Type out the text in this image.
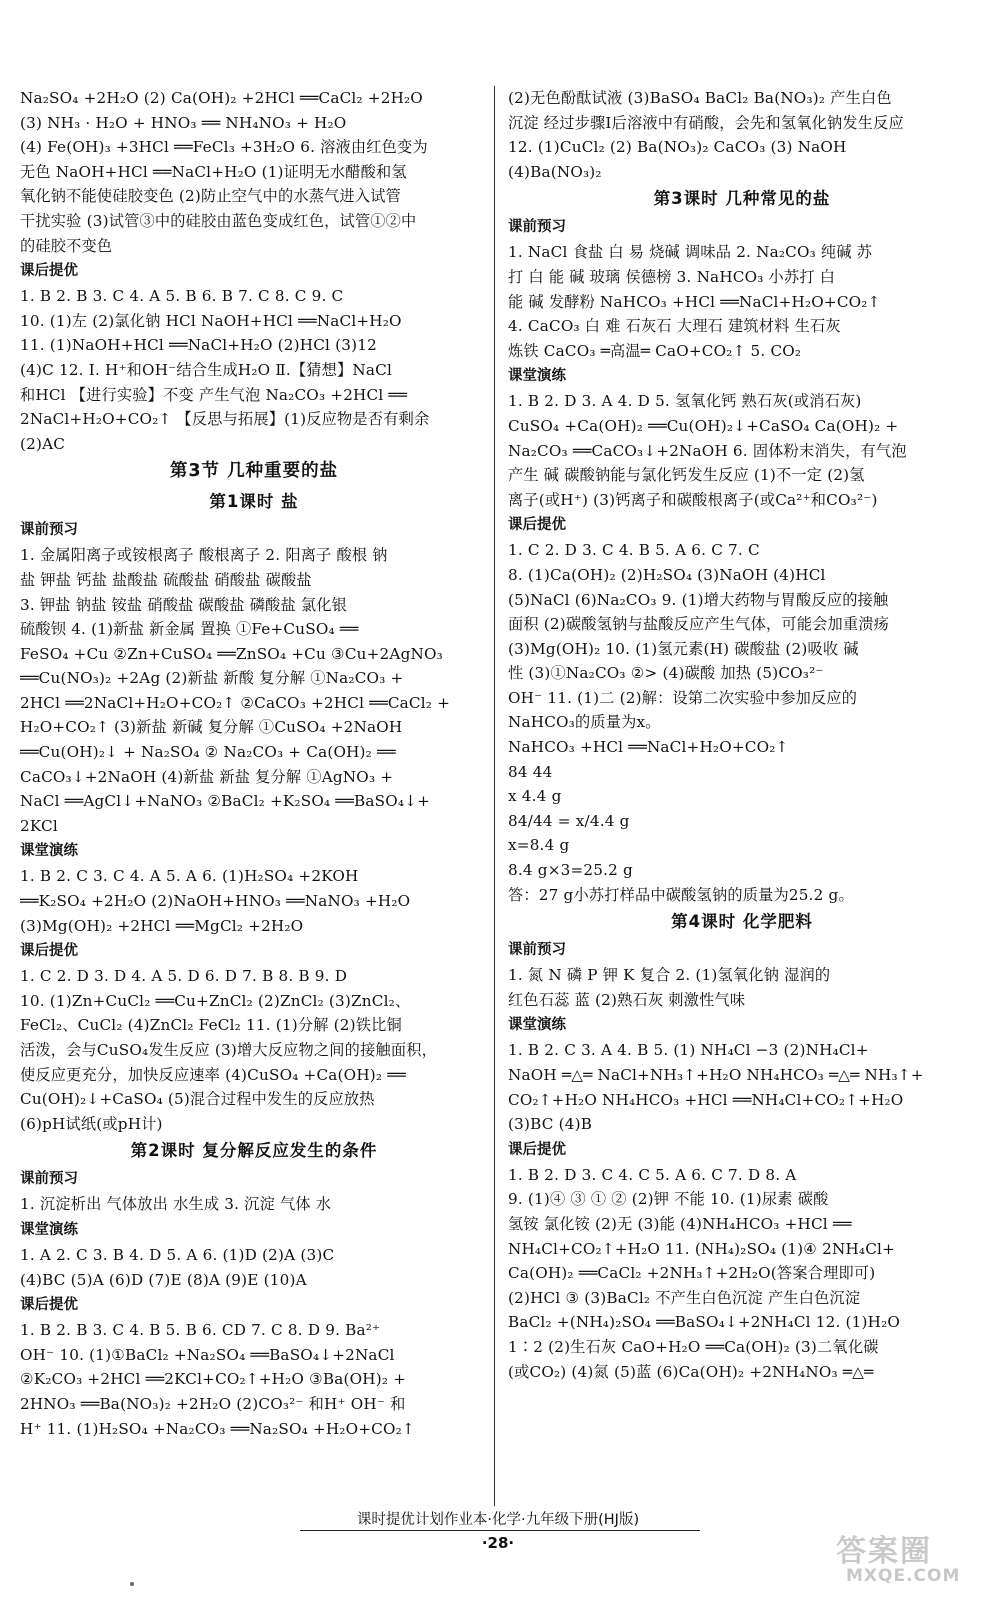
Na₂SO₄ +2H₂O (2) Ca(OH)₂ +2HCl ══CaCl₂ +2H₂O
(3) NH₃ · H₂O + HNO₃ ══ NH₄NO₃ + H₂O
(4) Fe(OH)₃ +3HCl ══FeCl₃ +3H₂O 6. 溶液由红色变为
无色 NaOH+HCl ══NaCl+H₂O (1)证明无水醋酸和氢
氧化钠不能使硅胶变色 (2)防止空气中的水蒸气进入试管
干扰实验 (3)试管③中的硅胶由蓝色变成红色，试管①②中
的硅胶不变色
课后提优
1. B 2. B 3. C 4. A 5. B 6. B 7. C 8. C 9. C
10. (1)左 (2)氯化钠 HCl NaOH+HCl ══NaCl+H₂O
11. (1)NaOH+HCl ══NaCl+H₂O (2)HCl (3)12
(4)C 12. Ⅰ. H⁺和OH⁻结合生成H₂O Ⅱ.【猜想】NaCl
和HCl 【进行实验】不变 产生气泡 Na₂CO₃ +2HCl ══
2NaCl+H₂O+CO₂↑ 【反思与拓展】(1)反应物是否有剩余
(2)AC
第3节 几种重要的盐
第1课时 盐
课前预习
1. 金属阳离子或铵根离子 酸根离子 2. 阳离子 酸根 钠
盐 钾盐 钙盐 盐酸盐 硫酸盐 硝酸盐 碳酸盐
3. 钾盐 钠盐 铵盐 硝酸盐 碳酸盐 磷酸盐 氯化银
硫酸钡 4. (1)新盐 新金属 置换 ①Fe+CuSO₄ ══
FeSO₄ +Cu ②Zn+CuSO₄ ══ZnSO₄ +Cu ③Cu+2AgNO₃
══Cu(NO₃)₂ +2Ag (2)新盐 新酸 复分解 ①Na₂CO₃ +
2HCl ══2NaCl+H₂O+CO₂↑ ②CaCO₃ +2HCl ══CaCl₂ +
H₂O+CO₂↑ (3)新盐 新碱 复分解 ①CuSO₄ +2NaOH
══Cu(OH)₂↓ + Na₂SO₄ ② Na₂CO₃ + Ca(OH)₂ ══
CaCO₃↓+2NaOH (4)新盐 新盐 复分解 ①AgNO₃ +
NaCl ══AgCl↓+NaNO₃ ②BaCl₂ +K₂SO₄ ══BaSO₄↓+
2KCl
课堂演练
1. B 2. C 3. C 4. A 5. A 6. (1)H₂SO₄ +2KOH
══K₂SO₄ +2H₂O (2)NaOH+HNO₃ ══NaNO₃ +H₂O
(3)Mg(OH)₂ +2HCl ══MgCl₂ +2H₂O
课后提优
1. C 2. D 3. D 4. A 5. D 6. D 7. B 8. B 9. D
10. (1)Zn+CuCl₂ ══Cu+ZnCl₂ (2)ZnCl₂ (3)ZnCl₂、
FeCl₂、CuCl₂ (4)ZnCl₂ FeCl₂ 11. (1)分解 (2)铁比铜
活泼，会与CuSO₄发生反应 (3)增大反应物之间的接触面积，
使反应更充分，加快反应速率 (4)CuSO₄ +Ca(OH)₂ ══
Cu(OH)₂↓+CaSO₄ (5)混合过程中发生的反应放热
(6)pH试纸(或pH计)
第2课时 复分解反应发生的条件
课前预习
1. 沉淀析出 气体放出 水生成 3. 沉淀 气体 水
课堂演练
1. A 2. C 3. B 4. D 5. A 6. (1)D (2)A (3)C
(4)BC (5)A (6)D (7)E (8)A (9)E (10)A
课后提优
1. B 2. B 3. C 4. B 5. B 6. CD 7. C 8. D 9. Ba²⁺
OH⁻ 10. (1)①BaCl₂ +Na₂SO₄ ══BaSO₄↓+2NaCl
②K₂CO₃ +2HCl ══2KCl+CO₂↑+H₂O ③Ba(OH)₂ +
2HNO₃ ══Ba(NO₃)₂ +2H₂O (2)CO₃²⁻ 和H⁺ OH⁻ 和
H⁺ 11. (1)H₂SO₄ +Na₂CO₃ ══Na₂SO₄ +H₂O+CO₂↑
(2)无色酚酞试液 (3)BaSO₄ BaCl₂ Ba(NO₃)₂ 产生白色
沉淀 经过步骤Ⅰ后溶液中有硝酸，会先和氢氧化钠发生反应
12. (1)CuCl₂ (2) Ba(NO₃)₂ CaCO₃ (3) NaOH
(4)Ba(NO₃)₂
第3课时 几种常见的盐
课前预习
1. NaCl 食盐 白 易 烧碱 调味品 2. Na₂CO₃ 纯碱 苏
打 白 能 碱 玻璃 侯德榜 3. NaHCO₃ 小苏打 白
能 碱 发酵粉 NaHCO₃ +HCl ══NaCl+H₂O+CO₂↑
4. CaCO₃ 白 难 石灰石 大理石 建筑材料 生石灰
炼铁 CaCO₃ ═高温═ CaO+CO₂↑ 5. CO₂
课堂演练
1. B 2. D 3. A 4. D 5. 氢氧化钙 熟石灰(或消石灰)
CuSO₄ +Ca(OH)₂ ══Cu(OH)₂↓+CaSO₄ Ca(OH)₂ +
Na₂CO₃ ══CaCO₃↓+2NaOH 6. 固体粉末消失，有气泡
产生 碱 碳酸钠能与氯化钙发生反应 (1)不一定 (2)氢
离子(或H⁺) (3)钙离子和碳酸根离子(或Ca²⁺和CO₃²⁻)
课后提优
1. C 2. D 3. C 4. B 5. A 6. C 7. C
8. (1)Ca(OH)₂ (2)H₂SO₄ (3)NaOH (4)HCl
(5)NaCl (6)Na₂CO₃ 9. (1)增大药物与胃酸反应的接触
面积 (2)碳酸氢钠与盐酸反应产生气体，可能会加重溃疡
(3)Mg(OH)₂ 10. (1)氢元素(H) 碳酸盐 (2)吸收 碱
性 (3)①Na₂CO₃ ②> (4)碳酸 加热 (5)CO₃²⁻
OH⁻ 11. (1)二 (2)解：设第二次实验中参加反应的
NaHCO₃的质量为x。
NaHCO₃ +HCl ══NaCl+H₂O+CO₂↑
84 44
x 4.4 g
84/44 = x/4.4 g
x=8.4 g
8.4 g×3=25.2 g
答：27 g小苏打样品中碳酸氢钠的质量为25.2 g。
第4课时 化学肥料
课前预习
1. 氮 N 磷 P 钾 K 复合 2. (1)氢氧化钠 湿润的
红色石蕊 蓝 (2)熟石灰 刺激性气味
课堂演练
1. B 2. C 3. A 4. B 5. (1) NH₄Cl −3 (2)NH₄Cl+
NaOH ═△═ NaCl+NH₃↑+H₂O NH₄HCO₃ ═△═ NH₃↑+
CO₂↑+H₂O NH₄HCO₃ +HCl ══NH₄Cl+CO₂↑+H₂O
(3)BC (4)B
课后提优
1. B 2. D 3. C 4. C 5. A 6. C 7. D 8. A
9. (1)④ ③ ① ② (2)钾 不能 10. (1)尿素 碳酸
氢铵 氯化铵 (2)无 (3)能 (4)NH₄HCO₃ +HCl ══
NH₄Cl+CO₂↑+H₂O 11. (NH₄)₂SO₄ (1)④ 2NH₄Cl+
Ca(OH)₂ ══CaCl₂ +2NH₃↑+2H₂O(答案合理即可)
(2)HCl ③ (3)BaCl₂ 不产生白色沉淀 产生白色沉淀
BaCl₂ +(NH₄)₂SO₄ ══BaSO₄↓+2NH₄Cl 12. (1)H₂O
1∶2 (2)生石灰 CaO+H₂O ══Ca(OH)₂ (3)二氧化碳
(或CO₂) (4)氮 (5)蓝 (6)Ca(OH)₂ +2NH₄NO₃ ═△═
课时提优计划作业本·化学·九年级下册(HJ版)
·28·	答案圈
MXQE.COM
